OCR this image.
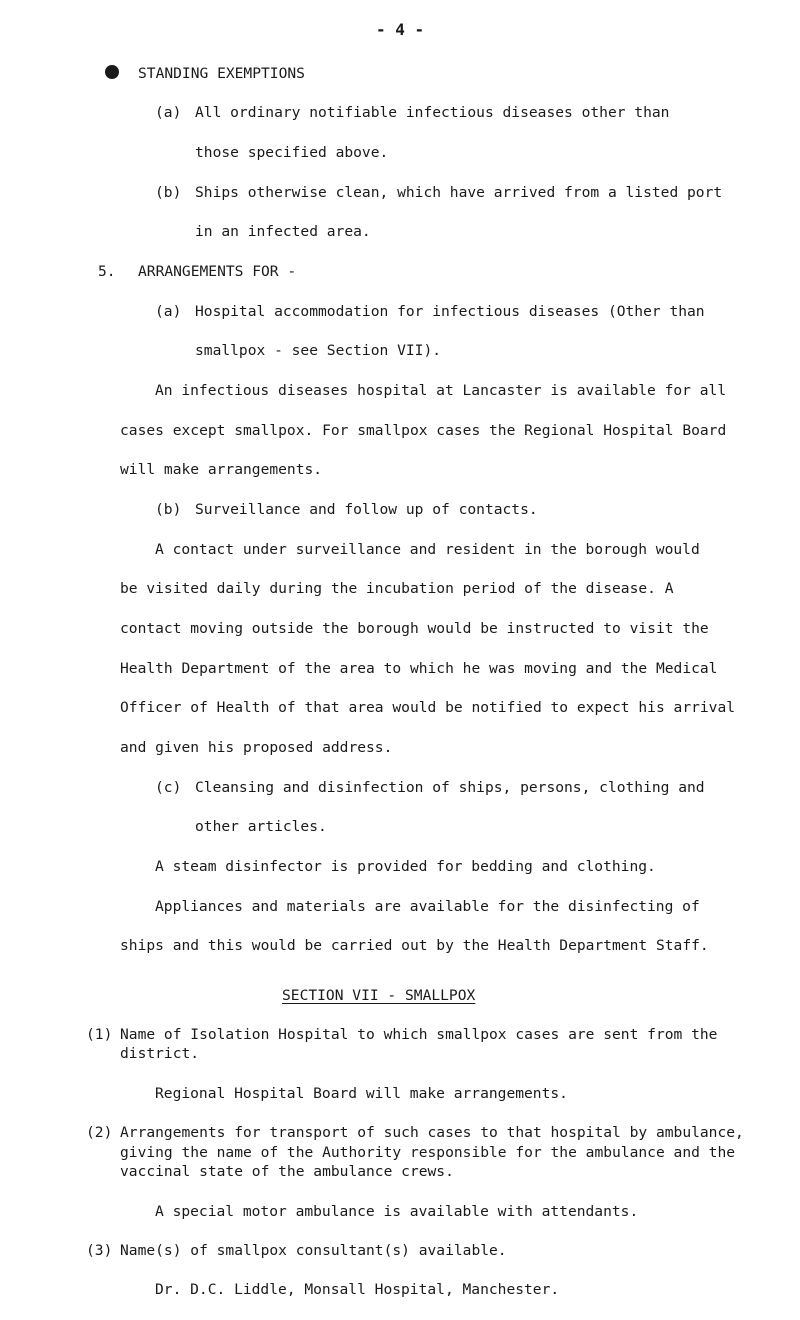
- 4 -
STANDING EXEMPTIONS
(a) All ordinary notifiable infectious diseases other than
those specified above.
(b) Ships otherwise clean, which have arrived from a listed port
in an infected area.
5. ARRANGEMENTS FOR -
(a) Hospital accommodation for infectious diseases (Other than
smallpox - see Section VII).
An infectious diseases hospital at Lancaster is available for all
cases except smallpox. For smallpox cases the Regional Hospital Board
will make arrangements.
(b) Surveillance and follow up of contacts.
A contact under surveillance and resident in the borough would
be visited daily during the incubation period of the disease. A
contact moving outside the borough would be instructed to visit the
Health Department of the area to which he was moving and the Medical
Officer of Health of that area would be notified to expect his arrival
and given his proposed address.
(c) Cleansing and disinfection of ships, persons, clothing and
other articles.
A steam disinfector is provided for bedding and clothing.
Appliances and materials are available for the disinfecting of
ships and this would be carried out by the Health Department Staff.
SECTION VII - SMALLPOX
(1) Name of Isolation Hospital to which smallpox cases are sent from the
district.
Regional Hospital Board will make arrangements.
(2) Arrangements for transport of such cases to that hospital by ambulance,
giving the name of the Authority responsible for the ambulance and the
vaccinal state of the ambulance crews.
A special motor ambulance is available with attendants.
(3) Name(s) of smallpox consultant(s) available.
Dr. D.C. Liddle, Monsall Hospital, Manchester.
